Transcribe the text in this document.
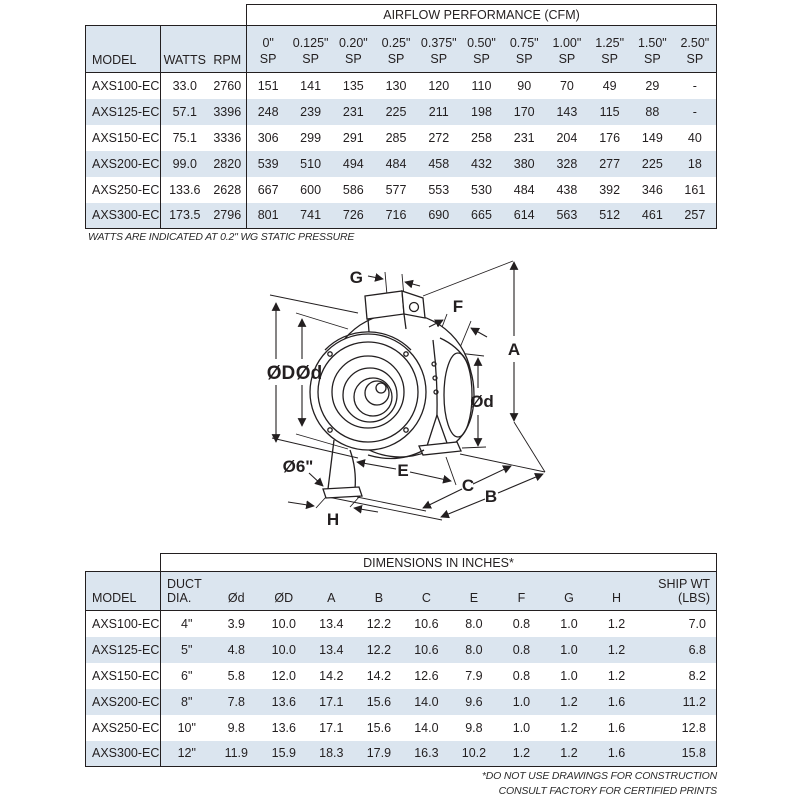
			AIRFLOW PERFORMANCE (CFM)										
MODEL	WATTS	RPM	
0"
SP

0.125"
SP

0.20"
SP

0.25"
SP

0.375"
SP

0.50"
SP

0.75"
SP

1.00"
SP

1.25"
SP

1.50"
SP

2.50"
SP

AXS100-EC	33.0	2760	151	141	135	130	120	110	90	70	49	29	-
AXS125-EC	57.1	3396	248	239	231	225	211	198	170	143	115	88	-
AXS150-EC	75.1	3336	306	299	291	285	272	258	231	204	176	149	40
AXS200-EC	99.0	2820	539	510	494	484	458	432	380	328	277	225	18
AXS250-EC	133.6	2628	667	600	586	577	553	530	484	438	392	346	161
AXS300-EC	173.5	2796	801	741	726	716	690	665	614	563	512	461	257
WATTS ARE INDICATED AT 0.2" WG STATIC PRESSURE
G
F
A
ØD Ød
Ød
Ø6"	E
C
B
H
	DIMENSIONS IN INCHES*										
MODEL	
DUCT
DIA.	Ød	ØD	A	B	C	E	F	G	H	
SHIP WT
(LBS)

AXS100-EC	4"	3.9	10.0	13.4	12.2	10.6	8.0	0.8	1.0	1.2	7.0
AXS125-EC	5"	4.8	10.0	13.4	12.2	10.6	8.0	0.8	1.0	1.2	6.8
AXS150-EC	6"	5.8	12.0	14.2	14.2	12.6	7.9	0.8	1.0	1.2	8.2
AXS200-EC	8"	7.8	13.6	17.1	15.6	14.0	9.6	1.0	1.2	1.6	11.2
AXS250-EC	10"	9.8	13.6	17.1	15.6	14.0	9.8	1.0	1.2	1.6	12.8
AXS300-EC	12"	11.9	15.9	18.3	17.9	16.3	10.2	1.2	1.2	1.6	15.8
*DO NOT USE DRAWINGS FOR CONSTRUCTION
CONSULT FACTORY FOR CERTIFIED PRINTS
